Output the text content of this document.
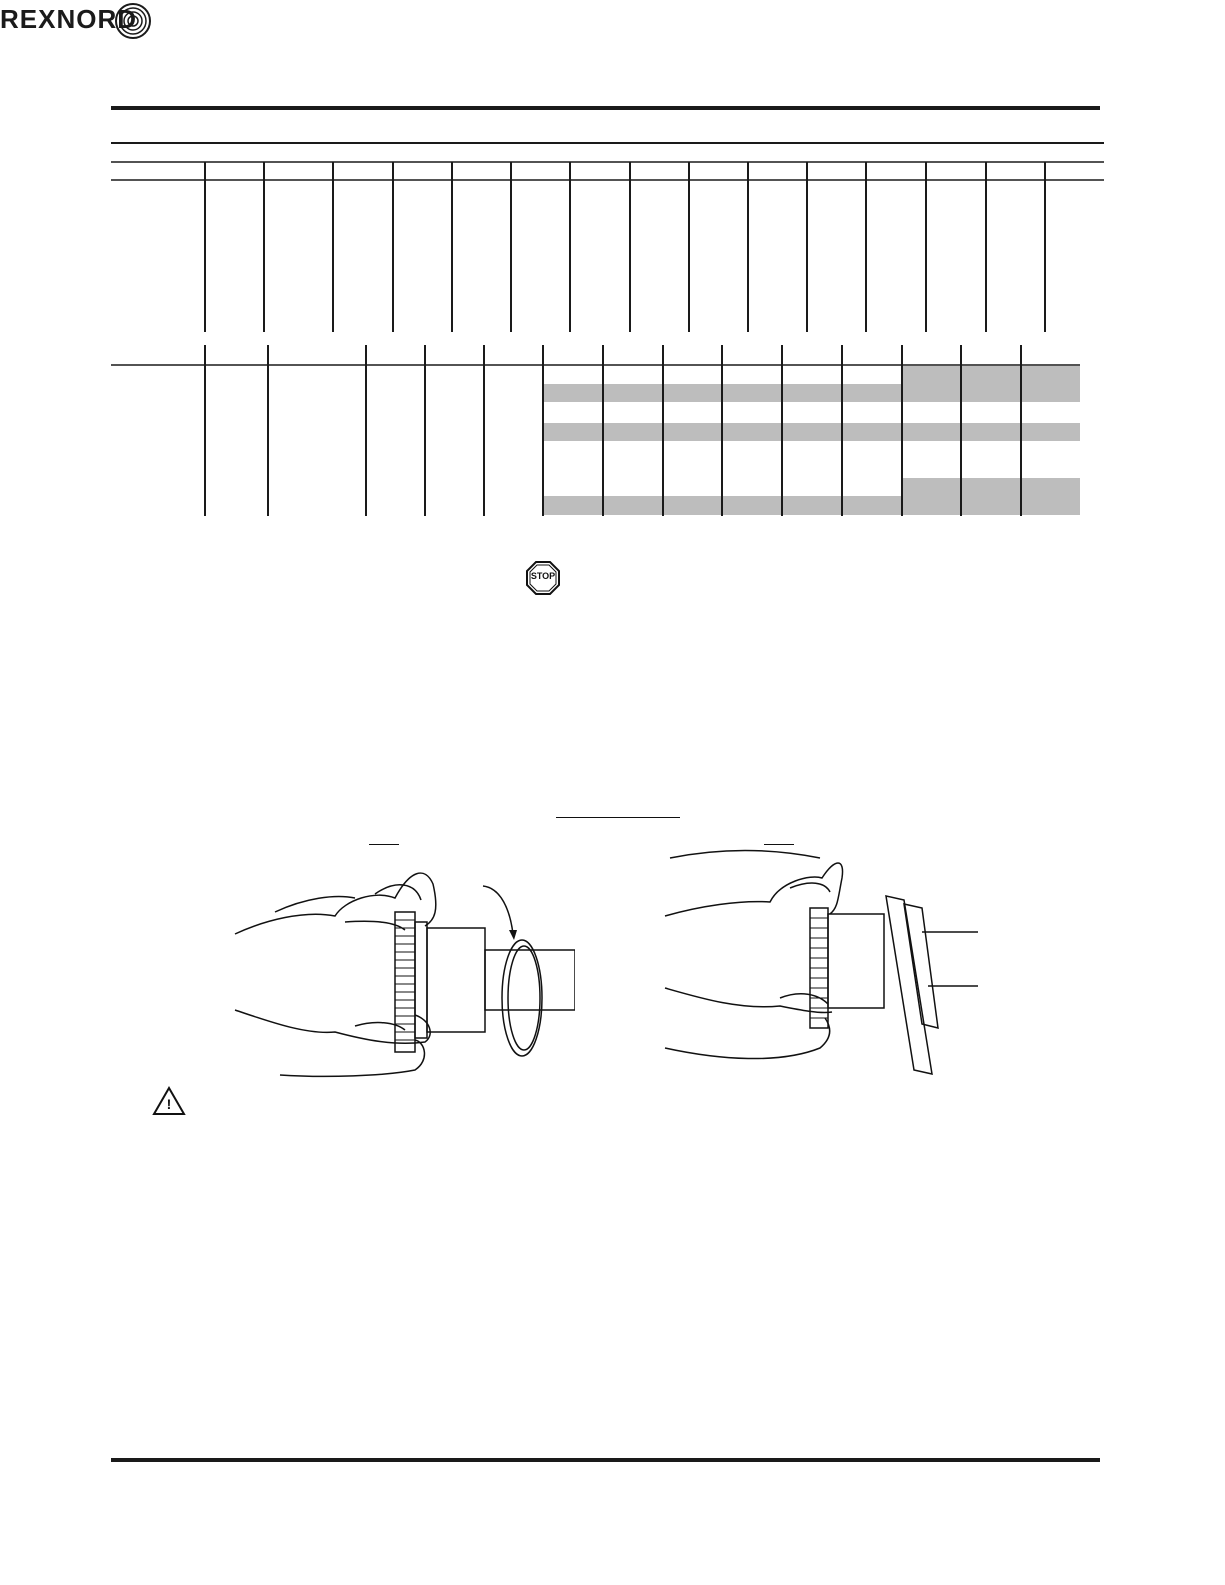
REXNORD
STOP
!
